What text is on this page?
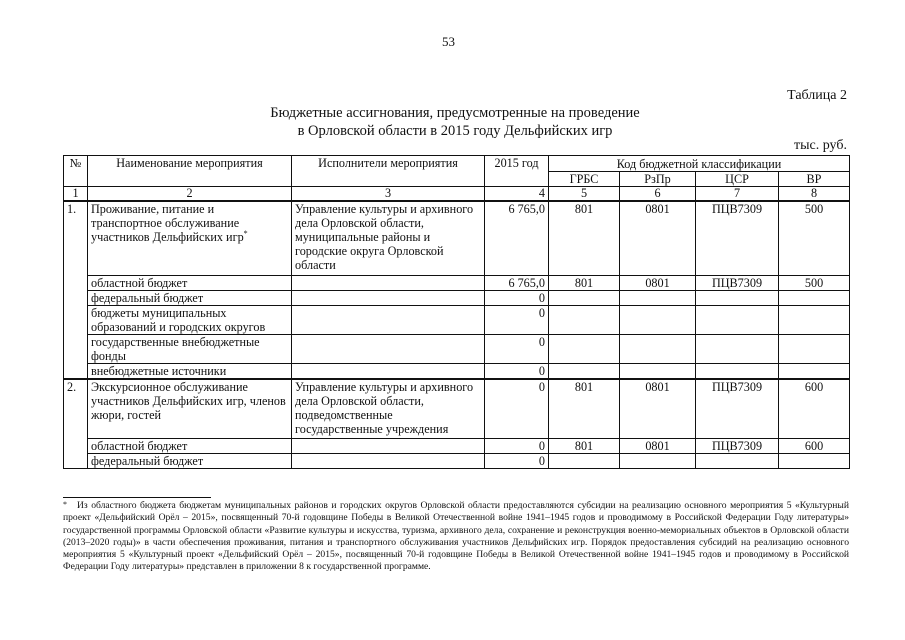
53
Таблица 2
Бюджетные ассигнования, предусмотренные на проведение
в Орловской области в 2015 году Дельфийских игр
тыс. руб.
№	Наименование мероприятия	Исполнители мероприятия	2015 год	Код бюджетной классификации			
				ГРБС	РзПр	ЦСР	ВР
1	2	3	4	5	6	7	8
1.	Проживание, питание и транспортное обслуживание участников Дельфийских игр*	Управление культуры и архивного дела Орловской области, муниципальные районы и городские округа Орловской области	6 765,0	801	0801	ПЦВ7309	500
	областной бюджет		6 765,0	801	0801	ПЦВ7309	500
	федеральный бюджет		0				
	бюджеты муниципальных образований и городских округов		0				
	государственные внебюджетные фонды		0				
	внебюджетные источники		0				
2.	Экскурсионное обслуживание участников Дельфийских игр, членов жюри, гостей	Управление культуры и архивного дела Орловской области, подведомственные государственные учреждения	0	801	0801	ПЦВ7309	600
	областной бюджет		0	801	0801	ПЦВ7309	600
	федеральный бюджет		0				
*	Из областного бюджета бюджетам муниципальных районов и городских округов Орловской области предоставляются субсидии на реализацию основного мероприятия 5 «Культурный проект «Дельфийский Орёл – 2015», посвященный 70-й годовщине Победы в Великой Отечественной войне 1941–1945 годов и проводимому в Российской Федерации Году литературы» государственной программы Орловской области «Развитие культуры и искусства, туризма, архивного дела, сохранение и реконструкция военно-мемориальных объектов в Орловской области (2013–2020 годы)» в части обеспечения проживания, питания и транспортного обслуживания участников Дельфийских игр. Порядок предоставления субсидий на реализацию основного мероприятия 5 «Культурный проект «Дельфийский Орёл – 2015», посвященный 70-й годовщине Победы в Великой Отечественной войне 1941–1945 годов и проводимому в Российской Федерации Году литературы» представлен в приложении 8 к государственной программе.
